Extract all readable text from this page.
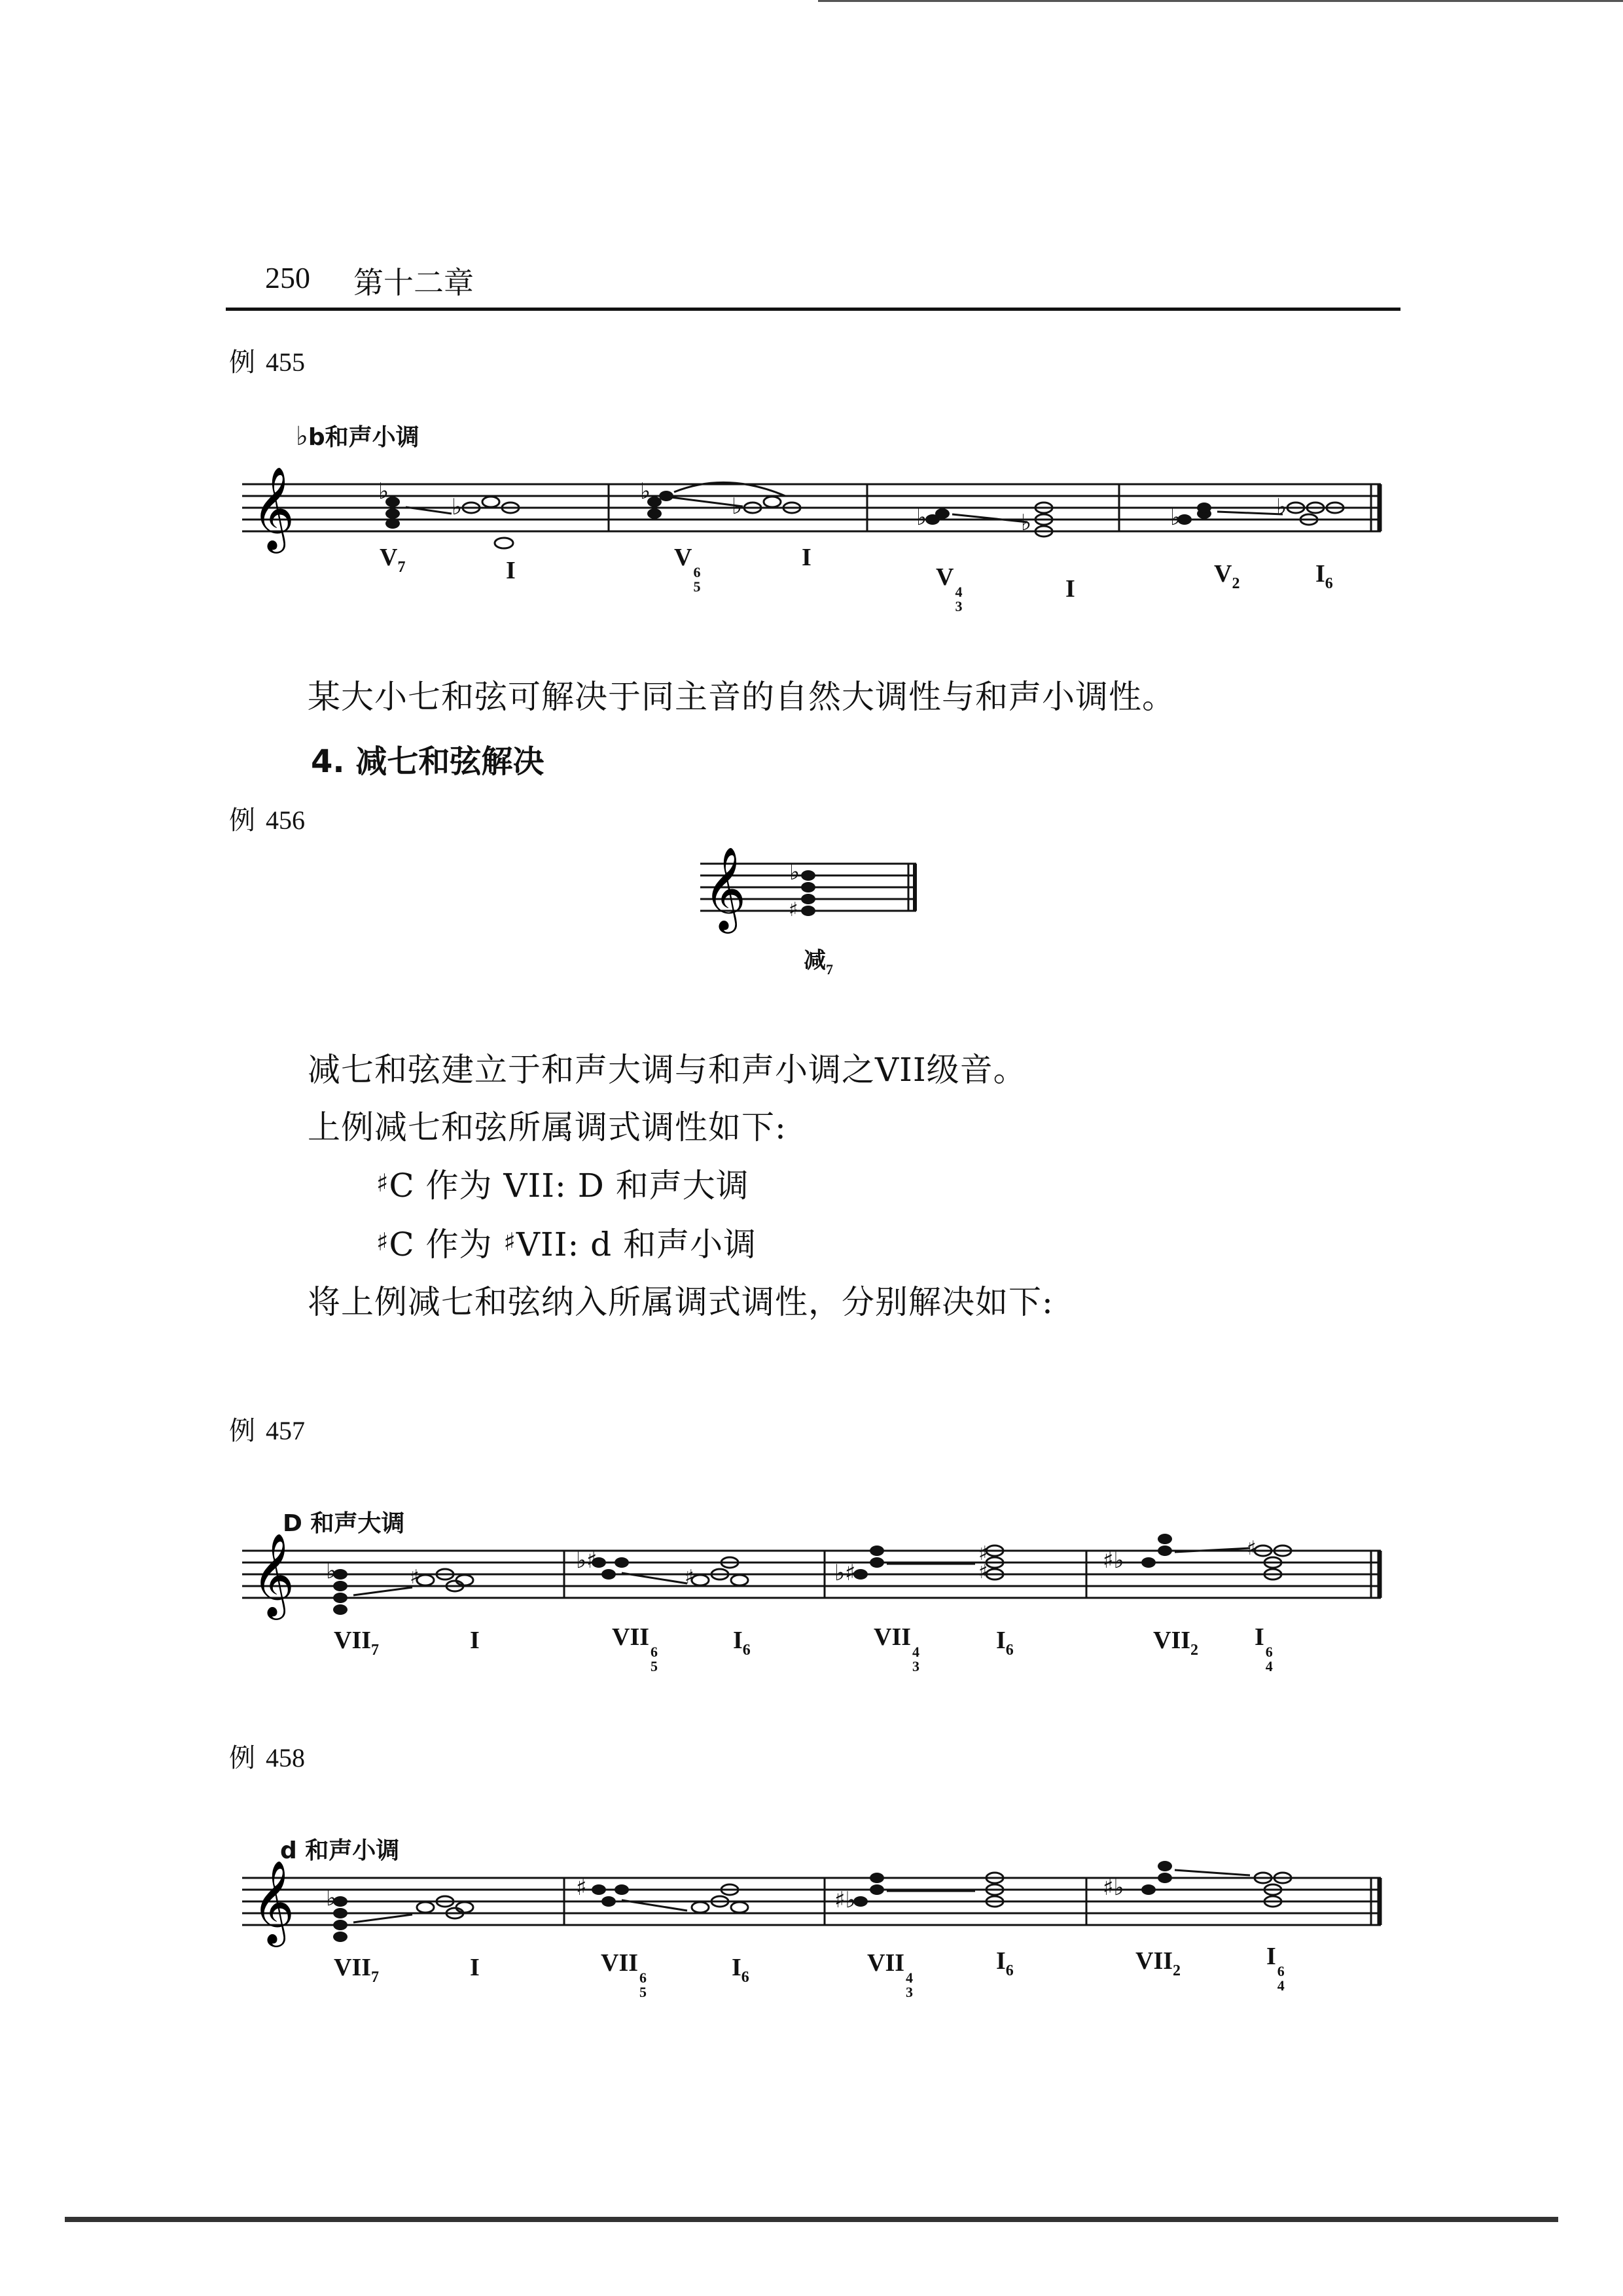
250 第十二章
例 455
♭b和声小调
𝄞	♭	♭
♭	♭
♭	♭
♭
♭
$V_7$	I	V
6
5
I
V
4
3
I
$V_2$	$I_6$
某大小七和弦可解决于同主音的自然大调性与和声小调性。
4. 减七和弦解决
例 456
𝄞 ♭
♯
减$_7$
减七和弦建立于和声大调与和声小调之VII级音。
上例减七和弦所属调式调性如下:
♯C 作为 VII: D 和声大调
♯C 作为 ♯VII: d 和声小调
将上例减七和弦纳入所属调式调性，分别解决如下:
例 457
D 和声大调
𝄞 ♭	♭♯	♭♯	♯♭
♯	♯
♯
♯
♯
$VII_7$	I	VII
6
5
$I_6$	VII
4
3
$I_6$	$VII_2$ I
6
4
例 458
d 和声小调
𝄞 ♭	♯	♯♭	♯♭
$VII_7$	I	VII
6
5
$I_6$
VII
4
3
$I_6$	$VII_2$
I
6
4
